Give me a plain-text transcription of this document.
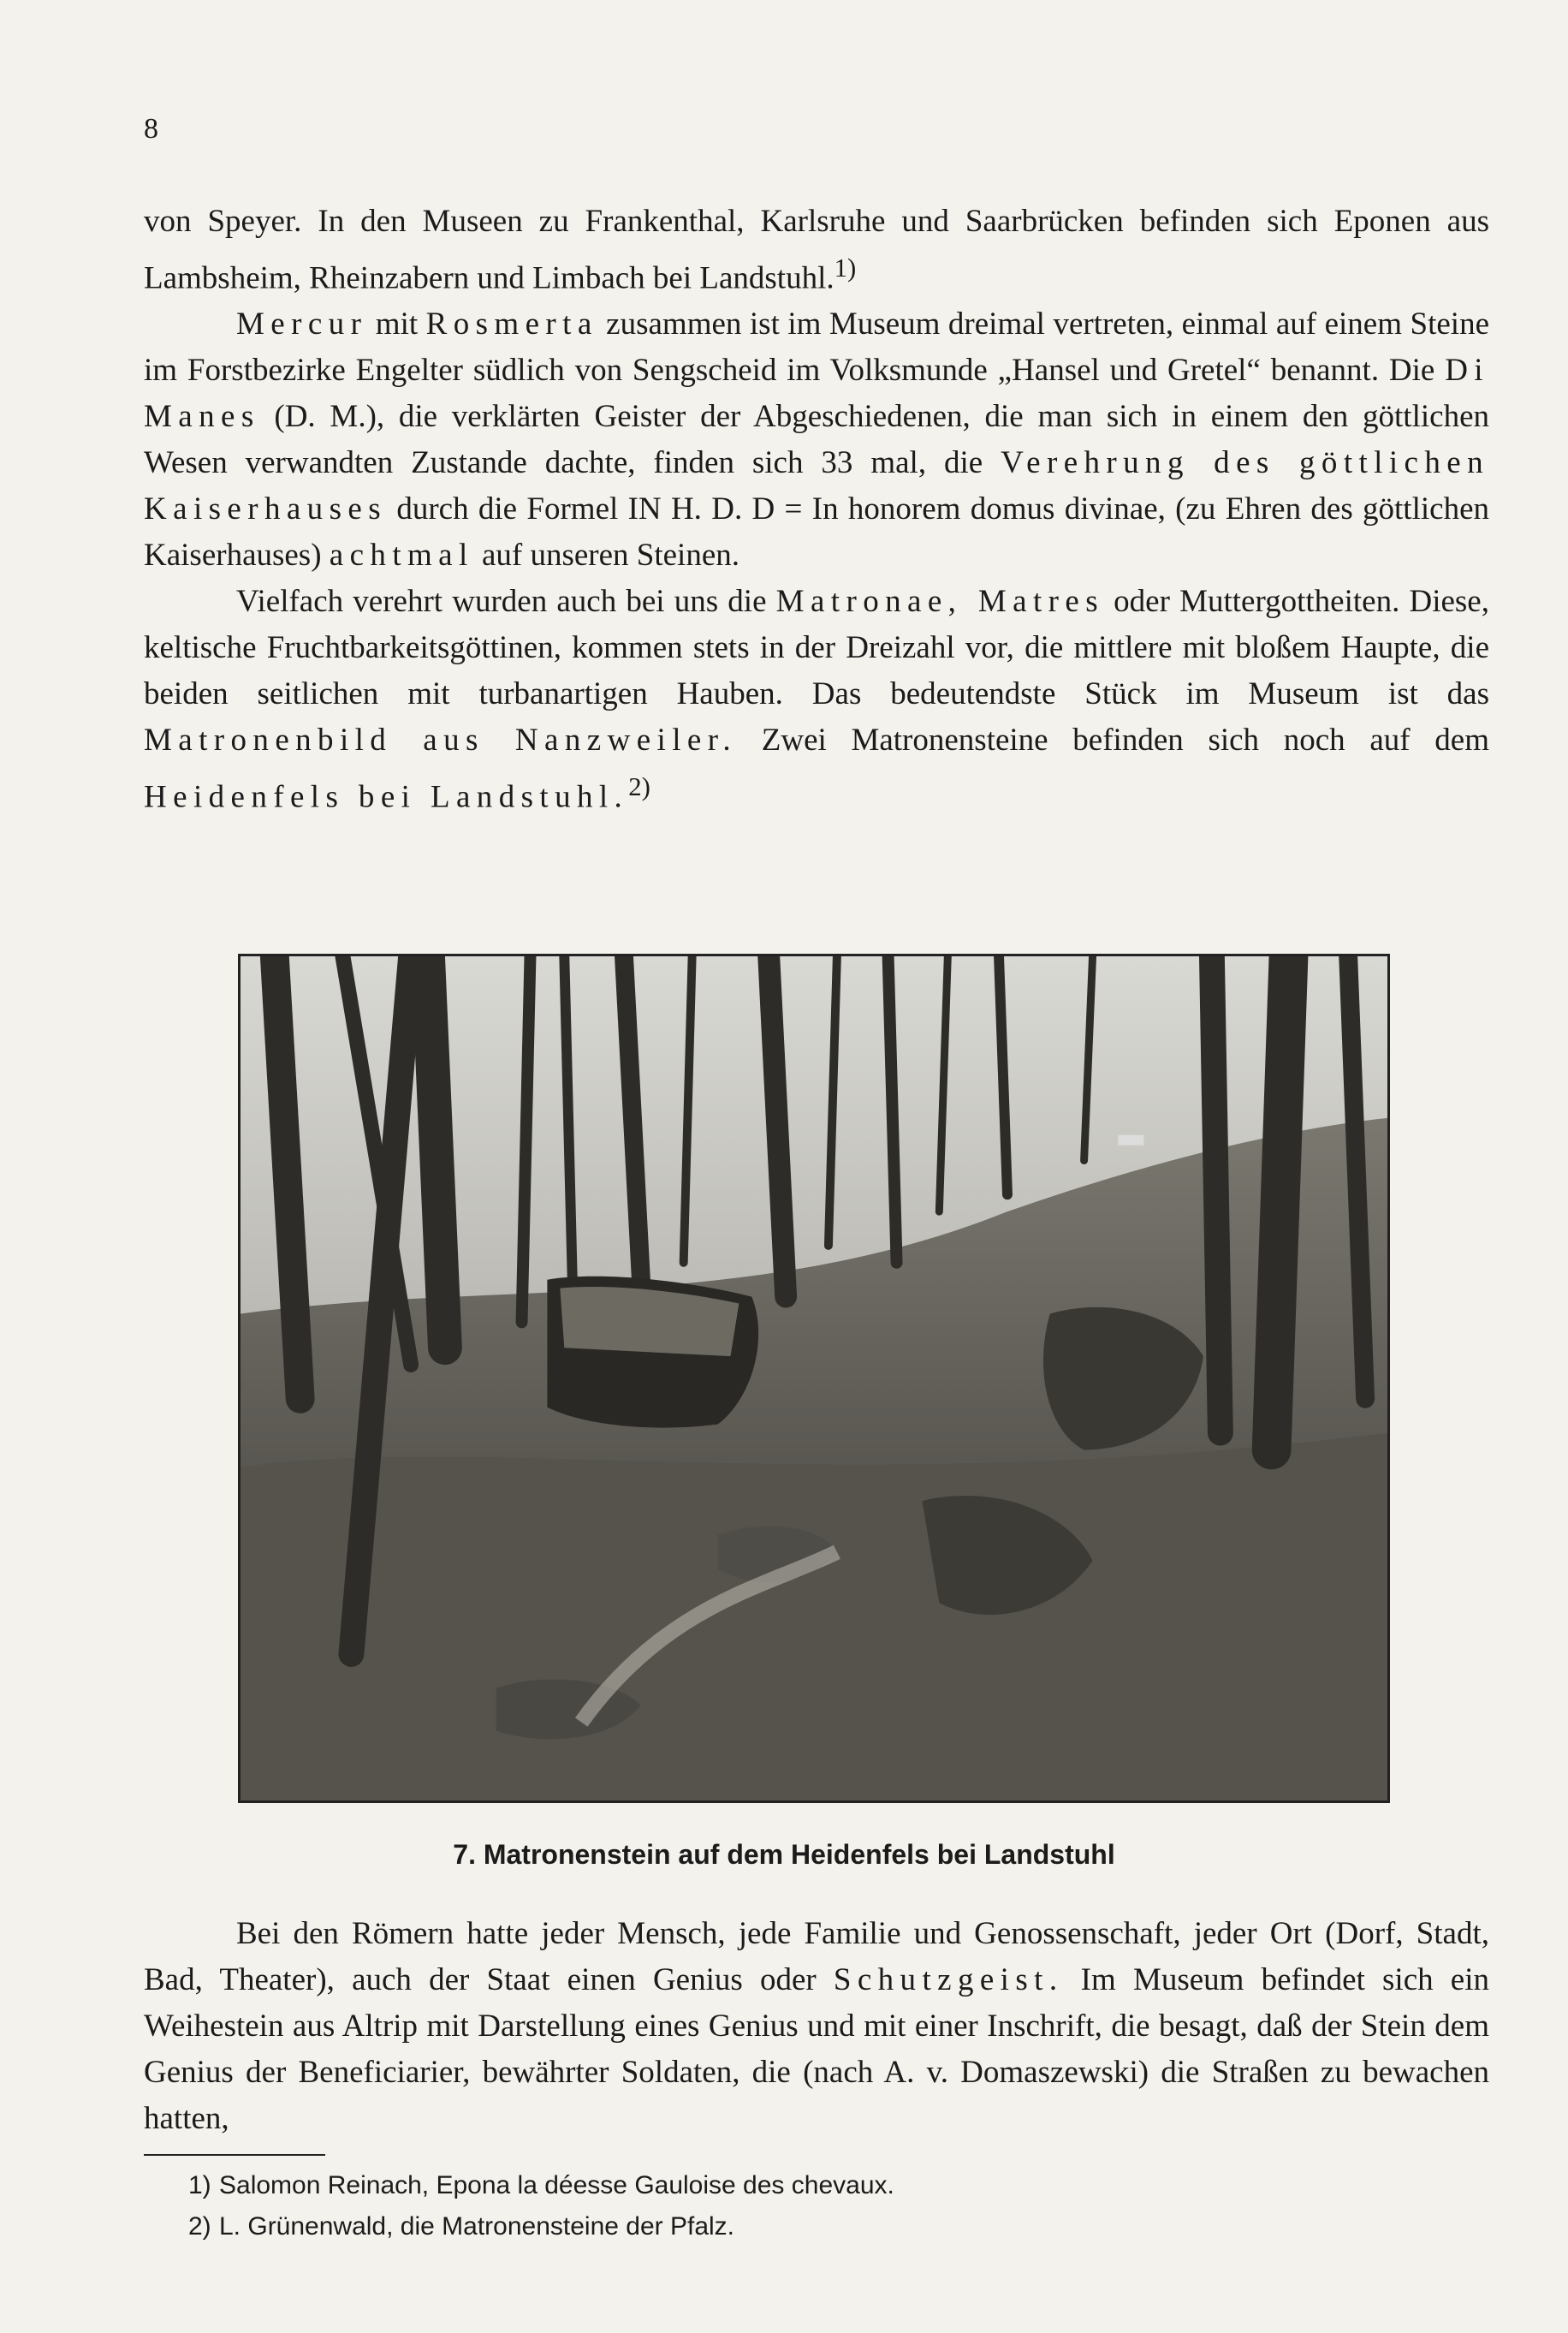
8

von Speyer. In den Museen zu Frankenthal, Karlsruhe und Saarbrücken befinden sich Eponen aus Lambsheim, Rheinzabern und Limbach bei Landstuhl.$^{1)}$

Mercur mit Rosmerta zusammen ist im Museum dreimal vertreten, einmal auf einem Steine im Forstbezirke Engelter südlich von Sengscheid im Volksmunde „Hansel und Gretel“ benannt. Die Di Manes (D. M.), die verklärten Geister der Abgeschiedenen, die man sich in einem den göttlichen Wesen verwandten Zustande dachte, finden sich 33 mal, die Verehrung des göttlichen Kaiserhauses durch die Formel IN H. D. D = In honorem domus divinae, (zu Ehren des göttlichen Kaiserhauses) achtmal auf unseren Steinen.

Vielfach verehrt wurden auch bei uns die Matronae, Matres oder Muttergottheiten. Diese, keltische Fruchtbarkeitsgöttinen, kommen stets in der Dreizahl vor, die mittlere mit bloßem Haupte, die beiden seitlichen mit turbanartigen Hauben. Das bedeutendste Stück im Museum ist das Matronenbild aus Nanzweiler. Zwei Matronensteine befinden sich noch auf dem Heidenfels bei Landstuhl.$^{2)}$

7. Matronenstein auf dem Heidenfels bei Landstuhl

Bei den Römern hatte jeder Mensch, jede Familie und Genossenschaft, jeder Ort (Dorf, Stadt, Bad, Theater), auch der Staat einen Genius oder Schutzgeist. Im Museum befindet sich ein Weihestein aus Altrip mit Darstellung eines Genius und mit einer Inschrift, die besagt, daß der Stein dem Genius der Beneficiarier, bewährter Soldaten, die (nach A. v. Domaszewski) die Straßen zu bewachen hatten,

1) Salomon Reinach, Epona la déesse Gauloise des chevaux.
2) L. Grünenwald, die Matronensteine der Pfalz.
